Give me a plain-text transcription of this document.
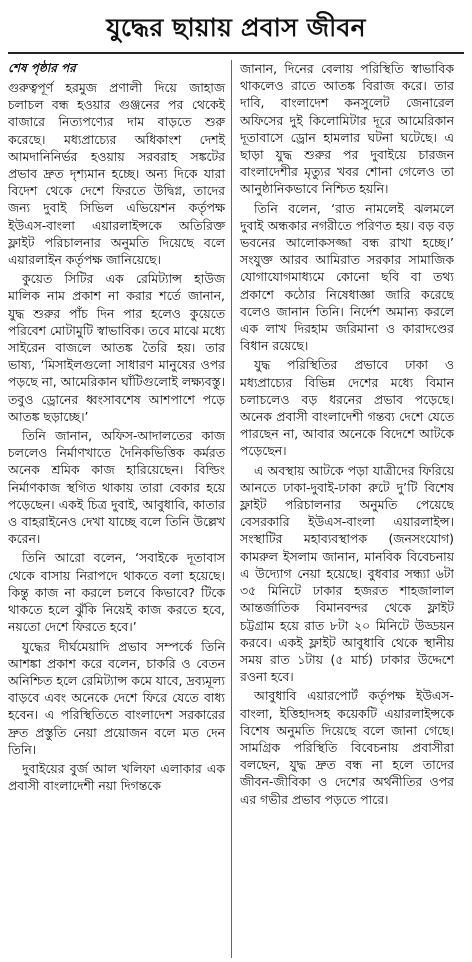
যুদ্ধের ছায়ায় প্রবাস জীবন
শেষ পৃষ্ঠার পর

গুরুত্বপূর্ণ হরমুজ প্রণালী দিয়ে জাহাজ চলাচল বন্ধ হওয়ার গুঞ্জনের পর থেকেই বাজারে নিত্যপণ্যের দাম বাড়তে শুরু করেছে। মধ্যপ্রাচ্যের অধিকাংশ দেশই আমদানিনির্ভর হওয়ায় সরবরাহ সঙ্কটের প্রভাব দ্রুত দৃশ্যমান হচ্ছে। অন্য দিকে যারা বিদেশ থেকে দেশে ফিরতে উদ্বিগ্ন, তাদের জন্য দুবাই সিভিল এভিয়েশন কর্তৃপক্ষ ইউএস-বাংলা এয়ারলাইন্সকে অতিরিক্ত ফ্লাইট পরিচালনার অনুমতি দিয়েছে বলে এয়ারলাইন কর্তৃপক্ষ জানিয়েছে।

কুয়েত সিটির এক রেমিট্যান্স হাউজ মালিক নাম প্রকাশ না করার শর্তে জানান, যুদ্ধ শুরুর পাঁচ দিন পার হলেও কুয়েতে পরিবেশ মোটামুটি স্বাভাবিক। তবে মাঝে মধ্যে সাইরেন বাজলে আতঙ্ক তৈরি হয়। তার ভাষ্য, ‘মিসাইলগুলো সাধারণ মানুষের ওপর পড়ছে না, আমেরিকান ঘাঁটিগুলোই লক্ষ্যবস্তু। তবুও ড্রোনের ধ্বংসাবশেষ আশপাশে পড়ে আতঙ্ক ছড়াচ্ছে।’

তিনি জানান, অফিস-আদালতের কাজ চললেও নির্মাণখাতে দৈনিকভিত্তিক কর্মরত অনেক শ্রমিক কাজ হারিয়েছেন। বিল্ডিং নির্মাণকাজ স্থগিত থাকায় তারা বেকার হয়ে পড়েছেন। একই চিত্র দুবাই, আবুধাবি, কাতার ও বাহরাইনেও দেখা যাচ্ছে বলে তিনি উল্লেখ করেন।

তিনি আরো বলেন, ‘সবাইকে দূতাবাস থেকে বাসায় নিরাপদে থাকতে বলা হয়েছে। কিন্তু কাজ না করলে চলবে কিভাবে? টিকে থাকতে হলে ঝুঁকি নিয়েই কাজ করতে হবে, নয়তো দেশে ফিরতে হবে।’

যুদ্ধের দীর্ঘমেয়াদি প্রভাব সম্পর্কে তিনি আশঙ্কা প্রকাশ করে বলেন, চাকরি ও বেতন অনিশ্চিত হলে রেমিট্যান্স কমে যাবে, দ্রব্যমূল্য বাড়বে এবং অনেকে দেশে ফিরে যেতে বাধ্য হবেন। এ পরিস্থিতিতে বাংলাদেশ সরকারের দ্রুত প্রস্তুতি নেয়া প্রয়োজন বলে মত দেন তিনি।

দুবাইয়ের বুর্জ আল খলিফা এলাকার এক প্রবাসী বাংলাদেশী নয়া দিগন্তকে

জানান, দিনের বেলায় পরিস্থিতি স্বাভাবিক থাকলেও রাতে আতঙ্ক বিরাজ করে। তার দাবি, বাংলাদেশ কনসুলেট জেনারেল অফিসের দুই কিলোমিটার দূরে আমেরিকান দূতাবাসে ড্রোন হামলার ঘটনা ঘটেছে। এ ছাড়া যুদ্ধ শুরুর পর দুবাইয়ে চারজন বাংলাদেশীর মৃত্যুর খবর শোনা গেলেও তা আনুষ্ঠানিকভাবে নিশ্চিত হয়নি।

তিনি বলেন, ‘রাত নামলেই ঝলমলে দুবাই অন্ধকার নগরীতে পরিণত হয়। বড় বড় ভবনের আলোকসজ্জা বন্ধ রাখা হচ্ছে।’ সংযুক্ত আরব আমিরাত সরকার সামাজিক যোগাযোগমাধ্যমে কোনো ছবি বা তথ্য প্রকাশে কঠোর নিষেধাজ্ঞা জারি করেছে বলেও জানান তিনি। নির্দেশ অমান্য করলে এক লাখ দিরহাম জরিমানা ও কারাদণ্ডের বিধান রয়েছে।

যুদ্ধ পরিস্থিতির প্রভাবে ঢাকা ও মধ্যপ্রাচ্যের বিভিন্ন দেশের মধ্যে বিমান চলাচলেও বড় ধরনের প্রভাব পড়েছে। অনেক প্রবাসী বাংলাদেশী গন্তব্য দেশে যেতে পারছেন না, আবার অনেকে বিদেশে আটকে পড়েছেন।

এ অবস্থায় আটকে পড়া যাত্রীদের ফিরিয়ে আনতে ঢাকা-দুবাই-ঢাকা রুটে দু’টি বিশেষ ফ্লাইট পরিচালনার অনুমতি পেয়েছে বেসরকারি ইউএস-বাংলা এয়ারলাইন্স। সংস্থাটির মহাব্যবস্থাপক (জনসংযোগ) কামরুল ইসলাম জানান, মানবিক বিবেচনায় এ উদ্যোগ নেয়া হয়েছে। বুধবার সন্ধ্যা ৬টা ৩৫ মিনিটে ঢাকার হজরত শাহজালাল আন্তর্জাতিক বিমানবন্দর থেকে ফ্লাইট চট্টগ্রাম হয়ে রাত ৮টা ২০ মিনিটে উড্ডয়ন করবে। একই ফ্লাইট আবুধাবি থেকে স্থানীয় সময় রাত ১টায় (৫ মার্চ) ঢাকার উদ্দেশে রওনা হবে।

আবুধাবি এয়ারপোর্ট কর্তৃপক্ষ ইউএস-বাংলা, ইত্তিহাদসহ কয়েকটি এয়ারলাইন্সকে বিশেষ অনুমতি দিয়েছে বলে জানা গেছে। সামগ্রিক পরিস্থিতি বিবেচনায় প্রবাসীরা বলছেন, যুদ্ধ দ্রুত বন্ধ না হলে তাদের জীবন-জীবিকা ও দেশের অর্থনীতির ওপর এর গভীর প্রভাব পড়তে পারে।
